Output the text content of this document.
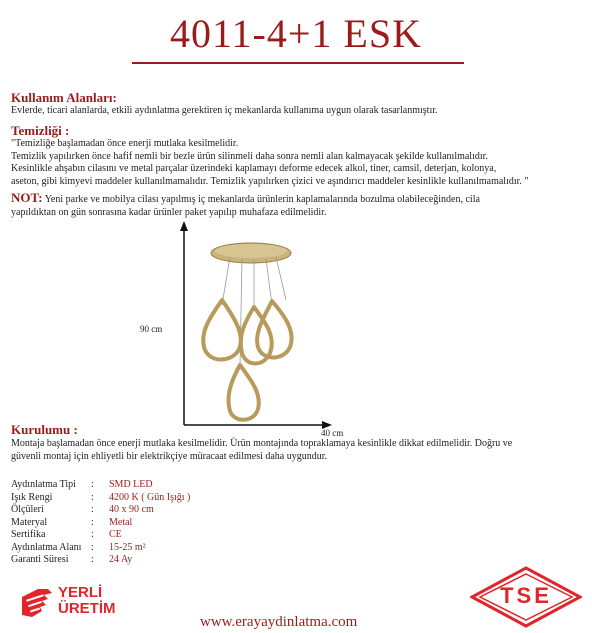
4011-4+1 ESK
Kullanım Alanları:
Evlerde, ticari alanlarda, etkili aydınlatma gerektiren iç mekanlarda kullanıma uygun olarak tasarlanmıştır.
Temizliği :
"Temizliğe başlamadan önce enerji mutlaka kesilmelidir.
Temizlik yapılırken önce hafif nemli bir bezle ürün silinmeli daha sonra nemli alan kalmayacak şekilde kullanılmalıdır.
Kesinlikle ahşabın cilasını ve metal parçalar üzerindeki kaplamayı deforme edecek alkol, tiner, camsil, deterjan, kolonya,
aseton, gibi kimyevi maddeler kullanılmamalıdır. Temizlik yapılırken çizici ve aşındırıcı maddeler kesinlikle kullanılmamalıdır. "
NOT: Yeni parke ve mobilya cilası yapılmış iç mekanlarda ürünlerin kaplamalarında bozulma olabileceğinden, cila
yapıldıktan on gün sonrasına kadar ürünler paket yapılıp muhafaza edilmelidir.
90 cm
40 cm
Kurulumu :
Montaja başlamadan önce enerji mutlaka kesilmelidir. Ürün montajında topraklamaya kesinlikle dikkat edilmelidir. Doğru ve
güvenli montaj için ehliyetli bir elektrikçiye müracaat edilmesi daha uygundur.
Aydınlatma Tipi	:	SMD LED
Işık Rengi	:	4200 K ( Gün Işığı )
Ölçüleri	:	40 x 90 cm
Materyal	:	Metal
Sertifika	:	CE
Aydınlatma Alanı :	15-25 m²
Garanti Süresi	:	24 Ay
YERLİ
ÜRETİM
TSE
www.erayaydinlatma.com
